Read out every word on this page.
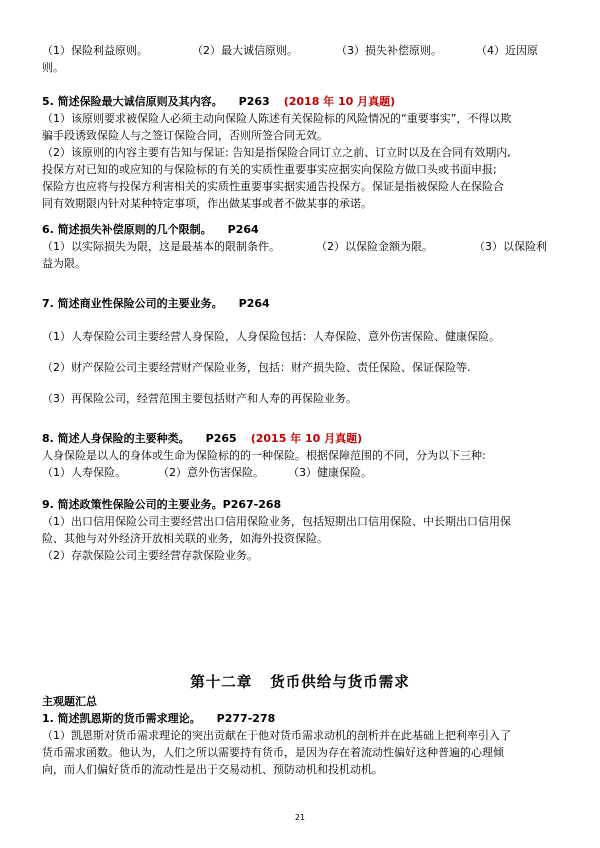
（1）保险利益原则。	（2）最大诚信原则。	（3）损失补偿原则。	（4）近因原
则。
5. 简述保险最大诚信原则及其内容。 P263 (2018 年 10 月真题)
（1）该原则要求被保险人必须主动向保险人陈述有关保险标的风险情况的“重要事实”，不得以欺
骗手段诱致保险人与之签订保险合同，否则所签合同无效。
（2）该原则的内容主要有告知与保证: 告知是指保险合同订立之前、订立时以及在合同有效期内,
投保方对已知的或应知的与保险标的有关的实质性重要事实应据实向保险方做口头或书面申报;
保险方也应将与投保方利害相关的实质性重要事实据实通告投保方。保证是指被保险人在保险合
同有效期限内针对某种特定事项，作出做某事或者不做某事的承诺。
6. 简述损失补偿原则的几个限制。 P264
（1）以实际损失为限，这是最基本的限制条件。	（2）以保险金额为限。	（3）以保险利
益为限。
7. 简述商业性保险公司的主要业务。 P264
（1）人寿保险公司主要经营人身保险，人身保险包括：人寿保险、意外伤害保险、健康保险。
（2）财产保险公司主要经营财产保险业务，包括：财产损失险、责任保险、保证保险等.
（3）再保险公司，经营范围主要包括财产和人寿的再保险业务。
8. 简述人身保险的主要种类。 P265 (2015 年 10 月真题)
人身保险是以人的身体或生命为保险标的的一种保险。根据保障范围的不同，分为以下三种:
（1）人寿保险。	（2）意外伤害保险。	（3）健康保险。
9. 简述政策性保险公司的主要业务。P267-268
（1）出口信用保险公司主要经营出口信用保险业务，包括短期出口信用保险、中长期出口信用保
险、其他与对外经济开放相关联的业务，如海外投资保险。
（2）存款保险公司主要经营存款保险业务。
第十二章 货币供给与货币需求
主观题汇总
1. 简述凯恩斯的货币需求理论。 P277-278
（1）凯恩斯对货币需求理论的突出贡献在于他对货币需求动机的剖析并在此基础上把利率引入了
货币需求函数。他认为，人们之所以需要持有货币，是因为存在着流动性偏好这种普遍的心理倾
向，而人们偏好货币的流动性是出于交易动机、预防动机和投机动机。
21
